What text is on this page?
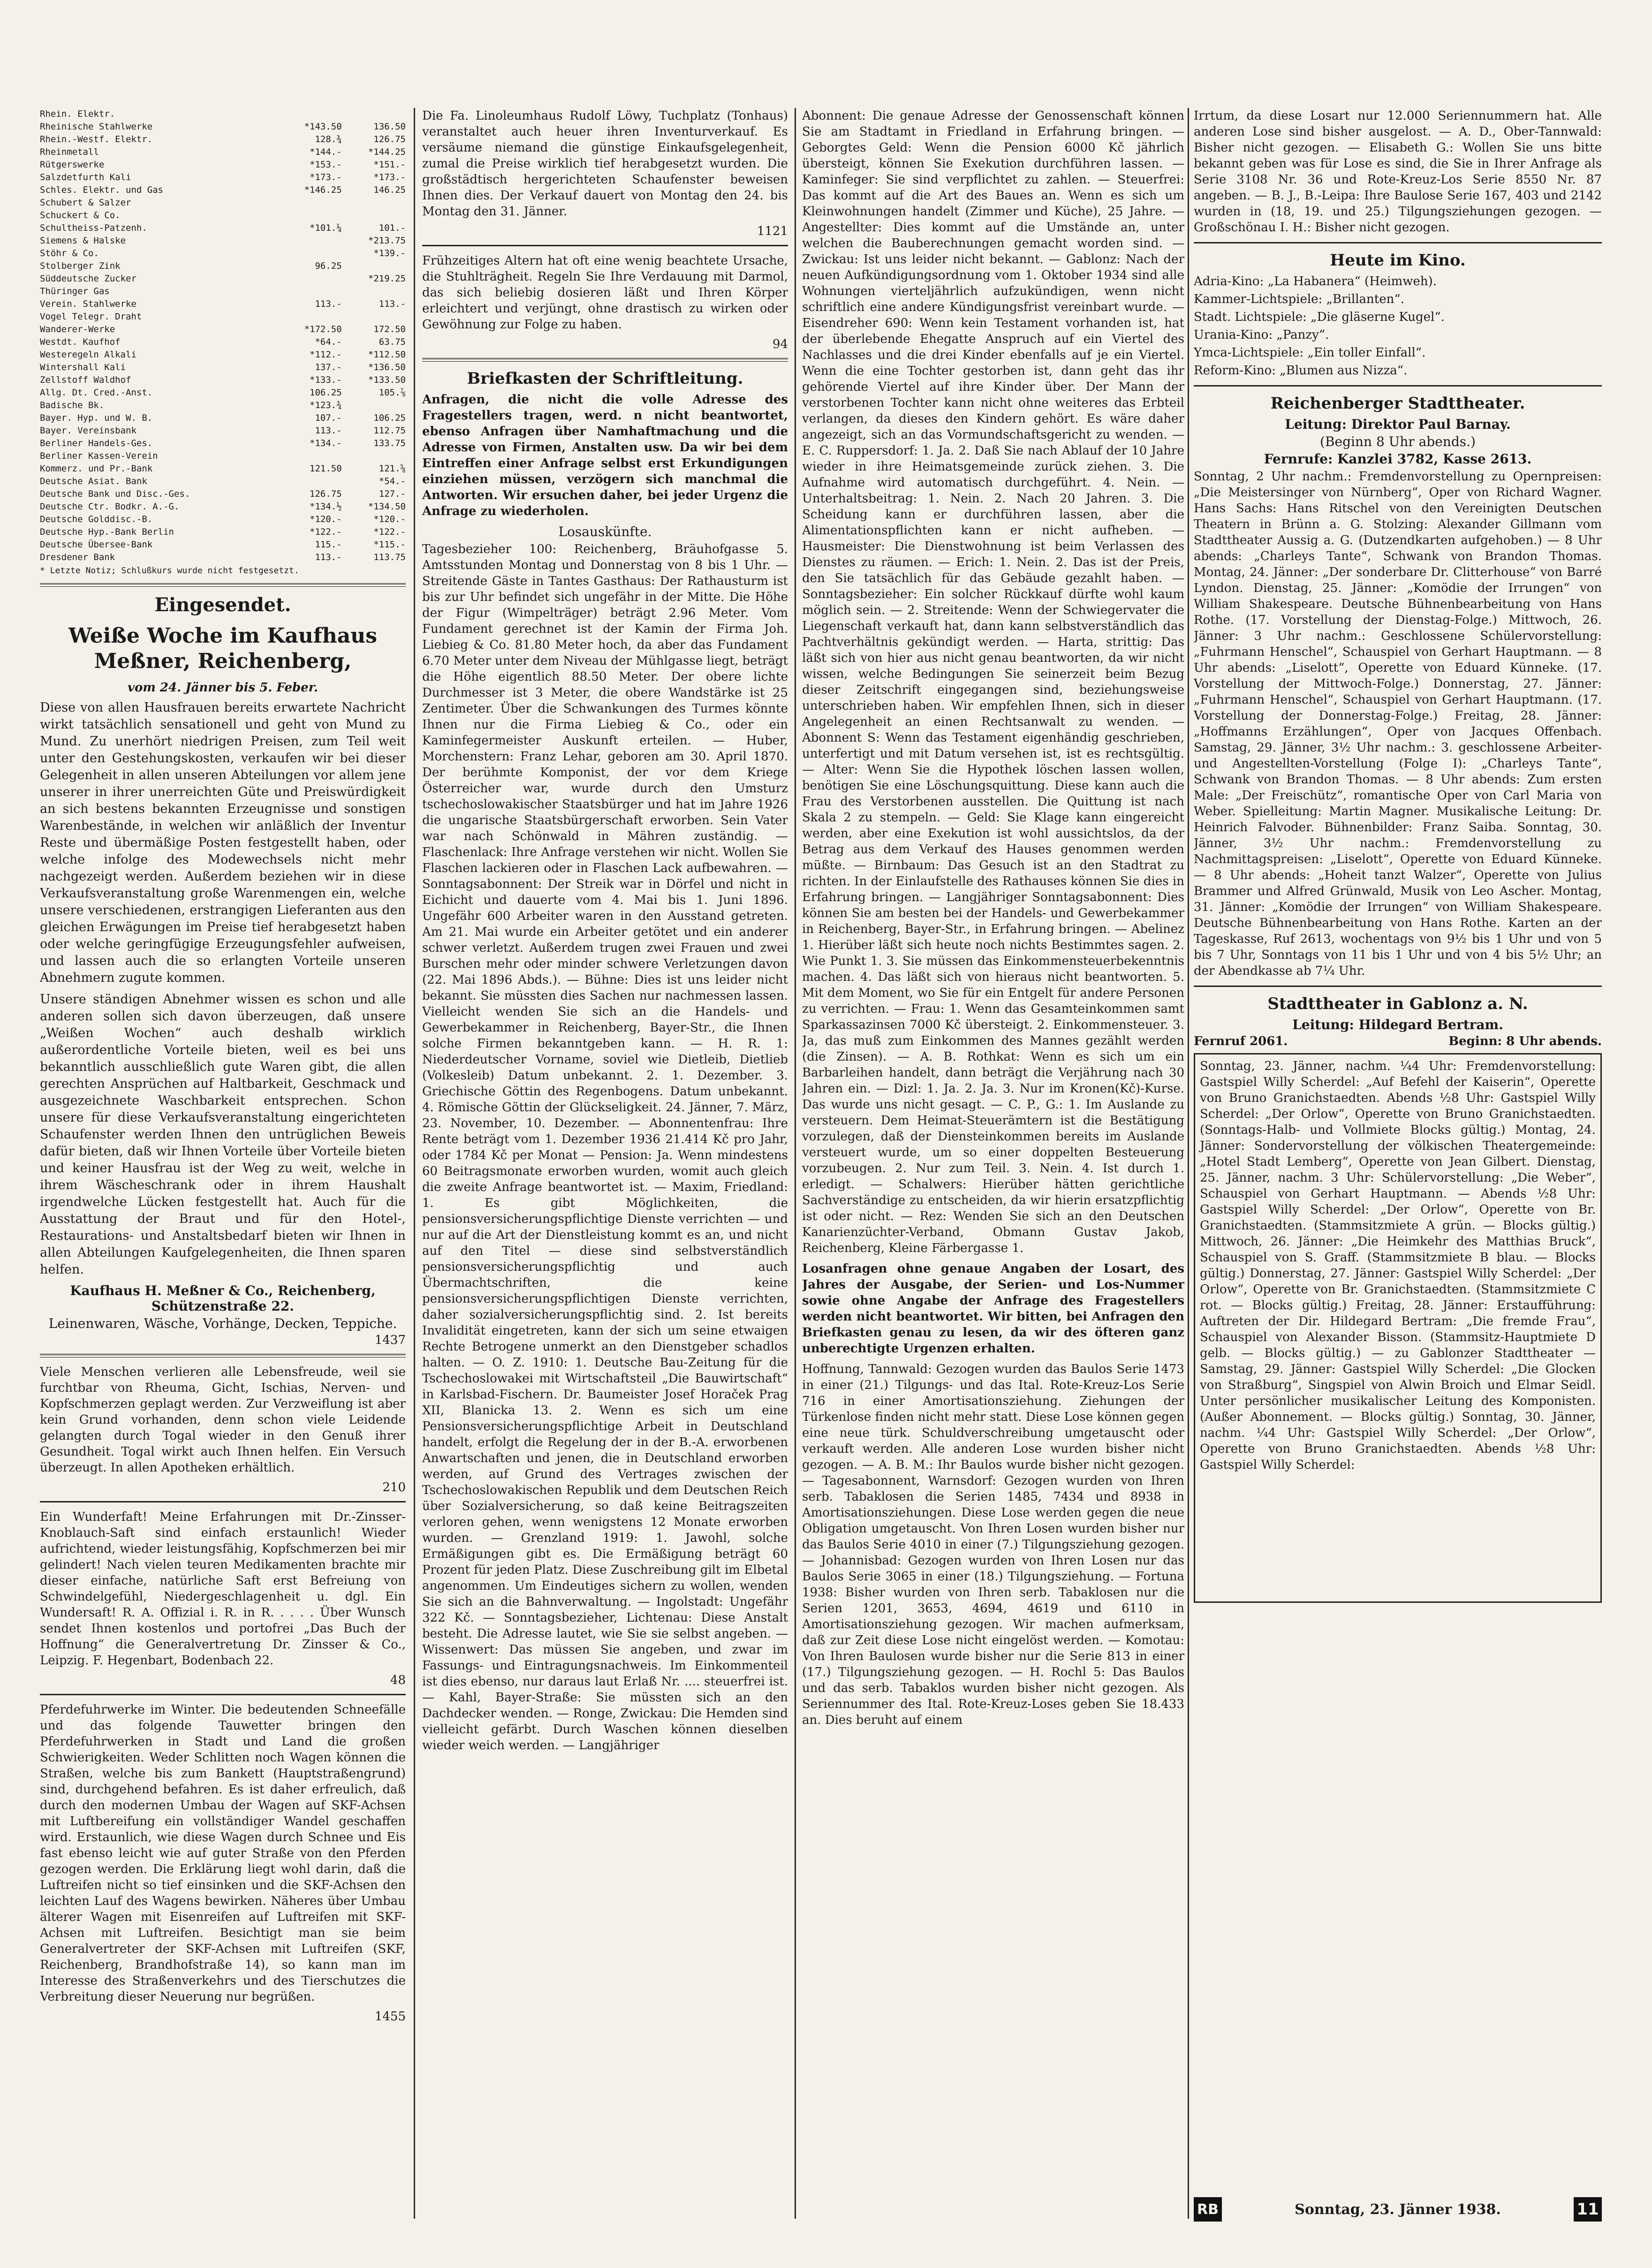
Rhein. Elektr.		
Rheinische Stahlwerke	*143.50	136.50
Rhein.-Westf. Elektr.	128.¾	126.75
Rheinmetall	*144.-	*144.25
Rütgerswerke	*153.-	*151.-
Salzdetfurth Kali	*173.-	*173.-
Schles. Elektr. und Gas	*146.25	146.25
Schubert & Salzer		
Schuckert & Co.		
Schultheiss-Patzenh.	*101.¼	101.-
Siemens & Halske		*213.75
Stöhr & Co.		*139.-
Stolberger Zink	96.25	
Süddeutsche Zucker		*219.25
Thüringer Gas		
Verein. Stahlwerke	113.-	113.-
Vogel Telegr. Draht		
Wanderer-Werke	*172.50	172.50
Westdt. Kaufhof	*64.-	63.75
Westeregeln Alkali	*112.-	*112.50
Wintershall Kali	137.-	*136.50
Zellstoff Waldhof	*133.-	*133.50
Allg. Dt. Cred.-Anst.	106.25	105.⅞
Badische Bk.	*123.¾	
Bayer. Hyp. und W. B.	107.-	106.25
Bayer. Vereinsbank	113.-	112.75
Berliner Handels-Ges.	*134.-	133.75
Berliner Kassen-Verein		
Kommerz. und Pr.-Bank	121.50	121.⅝
Deutsche Asiat. Bank		*54.-
Deutsche Bank und Disc.-Ges.	126.75	127.-
Deutsche Ctr. Bodkr. A.-G.	*134.½	*134.50
Deutsche Golddisc.-B.	*120.-	*120.-
Deutsche Hyp.-Bank Berlin	*122.-	*122.-
Deutsche Übersee-Bank	115.-	*115.-
Dresdener Bank	113.-	113.75
* Letzte Notiz; Schlußkurs wurde nicht festgesetzt.
Eingesendet.
Weiße Woche im Kaufhaus Meßner, Reichenberg,
vom 24. Jänner bis 5. Feber.

Diese von allen Hausfrauen bereits erwartete Nachricht wirkt tatsächlich sensationell und geht von Mund zu Mund. Zu unerhört niedrigen Preisen, zum Teil weit unter den Gestehungskosten, verkaufen wir bei dieser Gelegenheit in allen unseren Abteilungen vor allem jene unserer in ihrer unerreichten Güte und Preiswürdigkeit an sich bestens bekannten Erzeugnisse und sonstigen Warenbestände, in welchen wir anläßlich der Inventur Reste und übermäßige Posten festgestellt haben, oder welche infolge des Modewechsels nicht mehr nachgezeigt werden. Außerdem beziehen wir in diese Verkaufsveranstaltung große Warenmengen ein, welche unsere verschiedenen, erstrangigen Lieferanten aus den gleichen Erwägungen im Preise tief herabgesetzt haben oder welche geringfügige Erzeugungsfehler aufweisen, und lassen auch die so erlangten Vorteile unseren Abnehmern zugute kommen.

Unsere ständigen Abnehmer wissen es schon und alle anderen sollen sich davon überzeugen, daß unsere „Weißen Wochen“ auch deshalb wirklich außerordentliche Vorteile bieten, weil es bei uns bekanntlich ausschließlich gute Waren gibt, die allen gerechten Ansprüchen auf Haltbarkeit, Geschmack und ausgezeichnete Waschbarkeit entsprechen. Schon unsere für diese Verkaufsveranstaltung eingerichteten Schaufenster werden Ihnen den untrüglichen Beweis dafür bieten, daß wir Ihnen Vorteile über Vorteile bieten und keiner Hausfrau ist der Weg zu weit, welche in ihrem Wäscheschrank oder in ihrem Haushalt irgendwelche Lücken festgestellt hat. Auch für die Ausstattung der Braut und für den Hotel-, Restaurations- und Anstaltsbedarf bieten wir Ihnen in allen Abteilungen Kaufgelegenheiten, die Ihnen sparen helfen.

Kaufhaus H. Meßner & Co., Reichenberg, Schützenstraße 22.
Leinenwaren, Wäsche, Vorhänge, Decken, Teppiche.
1437

Viele Menschen verlieren alle Lebensfreude, weil sie furchtbar von Rheuma, Gicht, Ischias, Nerven- und Kopfschmerzen geplagt werden. Zur Verzweiflung ist aber kein Grund vorhanden, denn schon viele Leidende gelangten durch Togal wieder in den Genuß ihrer Gesundheit. Togal wirkt auch Ihnen helfen. Ein Versuch überzeugt. In allen Apotheken erhältlich.

210

Ein Wunderfaft! Meine Erfahrungen mit Dr.-Zinsser-Knoblauch-Saft sind einfach erstaunlich! Wieder aufrichtend, wieder leistungsfähig, Kopfschmerzen bei mir gelindert! Nach vielen teuren Medikamenten brachte mir dieser einfache, natürliche Saft erst Befreiung von Schwindelgefühl, Niedergeschlagenheit u. dgl. Ein Wundersaft! R. A. Offizial i. R. in R. . . . . Über Wunsch sendet Ihnen kostenlos und portofrei „Das Buch der Hoffnung“ die Generalvertretung Dr. Zinsser & Co., Leipzig. F. Hegenbart, Bodenbach 22.

48

Pferdefuhrwerke im Winter. Die bedeutenden Schneefälle und das folgende Tauwetter bringen den Pferdefuhrwerken in Stadt und Land die großen Schwierigkeiten. Weder Schlitten noch Wagen können die Straßen, welche bis zum Bankett (Hauptstraßengrund) sind, durchgehend befahren. Es ist daher erfreulich, daß durch den modernen Umbau der Wagen auf SKF-Achsen mit Luftbereifung ein vollständiger Wandel geschaffen wird. Erstaunlich, wie diese Wagen durch Schnee und Eis fast ebenso leicht wie auf guter Straße von den Pferden gezogen werden. Die Erklärung liegt wohl darin, daß die Luftreifen nicht so tief einsinken und die SKF-Achsen den leichten Lauf des Wagens bewirken. Näheres über Umbau älterer Wagen mit Eisenreifen auf Luftreifen mit SKF-Achsen mit Luftreifen. Besichtigt man sie beim Generalvertreter der SKF-Achsen mit Luftreifen (SKF, Reichenberg, Brandhofstraße 14), so kann man im Interesse des Straßenverkehrs und des Tierschutzes die Verbreitung dieser Neuerung nur begrüßen.

1455

Die Fa. Linoleumhaus Rudolf Löwy, Tuchplatz (Tonhaus) veranstaltet auch heuer ihren Inventurverkauf. Es versäume niemand die günstige Einkaufsgelegenheit, zumal die Preise wirklich tief herabgesetzt wurden. Die großstädtisch hergerichteten Schaufenster beweisen Ihnen dies. Der Verkauf dauert von Montag den 24. bis Montag den 31. Jänner.

1121

Frühzeitiges Altern hat oft eine wenig beachtete Ursache, die Stuhlträgheit. Regeln Sie Ihre Verdauung mit Darmol, das sich beliebig dosieren läßt und Ihren Körper erleichtert und verjüngt, ohne drastisch zu wirken oder Gewöhnung zur Folge zu haben.

94
Briefkasten der Schriftleitung.

Anfragen, die nicht die volle Adresse des Fragestellers tragen, werd. n nicht beantwortet, ebenso Anfragen über Namhaftmachung und die Adresse von Firmen, Anstalten usw. Da wir bei dem Eintreffen einer Anfrage selbst erst Erkundigungen einziehen müssen, verzögern sich manchmal die Antworten. Wir ersuchen daher, bei jeder Urgenz die Anfrage zu wiederholen.

Losauskünfte.

Tagesbezieher 100: Reichenberg, Bräuhofgasse 5. Amtsstunden Montag und Donnerstag von 8 bis 1 Uhr. — Streitende Gäste in Tantes Gasthaus: Der Rathausturm ist bis zur Uhr befindet sich ungefähr in der Mitte. Die Höhe der Figur (Wimpelträger) beträgt 2.96 Meter. Vom Fundament gerechnet ist der Kamin der Firma Joh. Liebieg & Co. 81.80 Meter hoch, da aber das Fundament 6.70 Meter unter dem Niveau der Mühlgasse liegt, beträgt die Höhe eigentlich 88.50 Meter. Der obere lichte Durchmesser ist 3 Meter, die obere Wandstärke ist 25 Zentimeter. Über die Schwankungen des Turmes könnte Ihnen nur die Firma Liebieg & Co., oder ein Kaminfegermeister Auskunft erteilen. — Huber, Morchenstern: Franz Lehar, geboren am 30. April 1870. Der berühmte Komponist, der vor dem Kriege Österreicher war, wurde durch den Umsturz tschechoslowakischer Staatsbürger und hat im Jahre 1926 die ungarische Staatsbürgerschaft erworben. Sein Vater war nach Schönwald in Mähren zuständig. — Flaschenlack: Ihre Anfrage verstehen wir nicht. Wollen Sie Flaschen lackieren oder in Flaschen Lack aufbewahren. — Sonntagsabonnent: Der Streik war in Dörfel und nicht in Eichicht und dauerte vom 4. Mai bis 1. Juni 1896. Ungefähr 600 Arbeiter waren in den Ausstand getreten. Am 21. Mai wurde ein Arbeiter getötet und ein anderer schwer verletzt. Außerdem trugen zwei Frauen und zwei Burschen mehr oder minder schwere Verletzungen davon (22. Mai 1896 Abds.). — Bühne: Dies ist uns leider nicht bekannt. Sie müssten dies Sachen nur nachmessen lassen. Vielleicht wenden Sie sich an die Handels- und Gewerbekammer in Reichenberg, Bayer-Str., die Ihnen solche Firmen bekanntgeben kann. — H. R. 1: Niederdeutscher Vorname, soviel wie Dietleib, Dietlieb (Volkesleib) Datum unbekannt. 2. 1. Dezember. 3. Griechische Göttin des Regenbogens. Datum unbekannt. 4. Römische Göttin der Glückseligkeit. 24. Jänner, 7. März, 23. November, 10. Dezember. — Abonnentenfrau: Ihre Rente beträgt vom 1. Dezember 1936 21.414 Kč pro Jahr, oder 1784 Kč per Monat — Pension: Ja. Wenn mindestens 60 Beitragsmonate erworben wurden, womit auch gleich die zweite Anfrage beantwortet ist. — Maxim, Friedland: 1. Es gibt Möglichkeiten, die pensionsversicherungspflichtige Dienste verrichten — und nur auf die Art der Dienstleistung kommt es an, und nicht auf den Titel — diese sind selbstverständlich pensionsversicherungspflichtig und auch Übermachtschriften, die keine pensionsversicherungspflichtigen Dienste verrichten, daher sozialversicherungspflichtig sind. 2. Ist bereits Invalidität eingetreten, kann der sich um seine etwaigen Rechte Betrogene unmerkt an den Dienstgeber schadlos halten. — O. Z. 1910: 1. Deutsche Bau-Zeitung für die Tschechoslowakei mit Wirtschaftsteil „Die Bauwirtschaft“ in Karlsbad-Fischern. Dr. Baumeister Josef Horaček Prag XII, Blanicka 13. 2. Wenn es sich um eine Pensionsversicherungspflichtige Arbeit in Deutschland handelt, erfolgt die Regelung der in der B.-A. erworbenen Anwartschaften und jenen, die in Deutschland erworben werden, auf Grund des Vertrages zwischen der Tschechoslowakischen Republik und dem Deutschen Reich über Sozialversicherung, so daß keine Beitragszeiten verloren gehen, wenn wenigstens 12 Monate erworben wurden. — Grenzland 1919: 1. Jawohl, solche Ermäßigungen gibt es. Die Ermäßigung beträgt 60 Prozent für jeden Platz. Diese Zuschreibung gilt im Elbetal angenommen. Um Eindeutiges sichern zu wollen, wenden Sie sich an die Bahnverwaltung. — Ingolstadt: Ungefähr 322 Kč. — Sonntagsbezieher, Lichtenau: Diese Anstalt besteht. Die Adresse lautet, wie Sie sie selbst angeben. — Wissenwert: Das müssen Sie angeben, und zwar im Fassungs- und Eintragungsnachweis. Im Einkommenteil ist dies ebenso, nur daraus laut Erlaß Nr. .... steuerfrei ist. — Kahl, Bayer-Straße: Sie müssten sich an den Dachdecker wenden. — Ronge, Zwickau: Die Hemden sind vielleicht gefärbt. Durch Waschen können dieselben wieder weich werden. — Langjähriger

Abonnent: Die genaue Adresse der Genossenschaft können Sie am Stadtamt in Friedland in Erfahrung bringen. — Geborgtes Geld: Wenn die Pension 6000 Kč jährlich übersteigt, können Sie Exekution durchführen lassen. — Kaminfeger: Sie sind verpflichtet zu zahlen. — Steuerfrei: Das kommt auf die Art des Baues an. Wenn es sich um Kleinwohnungen handelt (Zimmer und Küche), 25 Jahre. — Angestellter: Dies kommt auf die Umstände an, unter welchen die Bauberechnungen gemacht worden sind. — Zwickau: Ist uns leider nicht bekannt. — Gablonz: Nach der neuen Aufkündigungsordnung vom 1. Oktober 1934 sind alle Wohnungen vierteljährlich aufzukündigen, wenn nicht schriftlich eine andere Kündigungsfrist vereinbart wurde. — Eisendreher 690: Wenn kein Testament vorhanden ist, hat der überlebende Ehegatte Anspruch auf ein Viertel des Nachlasses und die drei Kinder ebenfalls auf je ein Viertel. Wenn die eine Tochter gestorben ist, dann geht das ihr gehörende Viertel auf ihre Kinder über. Der Mann der verstorbenen Tochter kann nicht ohne weiteres das Erbteil verlangen, da dieses den Kindern gehört. Es wäre daher angezeigt, sich an das Vormundschaftsgericht zu wenden. — E. C. Ruppersdorf: 1. Ja. 2. Daß Sie nach Ablauf der 10 Jahre wieder in ihre Heimatsgemeinde zurück ziehen. 3. Die Aufnahme wird automatisch durchgeführt. 4. Nein. — Unterhaltsbeitrag: 1. Nein. 2. Nach 20 Jahren. 3. Die Scheidung kann er durchführen lassen, aber die Alimentationspflichten kann er nicht aufheben. — Hausmeister: Die Dienstwohnung ist beim Verlassen des Dienstes zu räumen. — Erich: 1. Nein. 2. Das ist der Preis, den Sie tatsächlich für das Gebäude gezahlt haben. — Sonntagsbezieher: Ein solcher Rückkauf dürfte wohl kaum möglich sein. — 2. Streitende: Wenn der Schwiegervater die Liegenschaft verkauft hat, dann kann selbstverständlich das Pachtverhältnis gekündigt werden. — Harta, strittig: Das läßt sich von hier aus nicht genau beantworten, da wir nicht wissen, welche Bedingungen Sie seinerzeit beim Bezug dieser Zeitschrift eingegangen sind, beziehungsweise unterschrieben haben. Wir empfehlen Ihnen, sich in dieser Angelegenheit an einen Rechtsanwalt zu wenden. — Abonnent S: Wenn das Testament eigenhändig geschrieben, unterfertigt und mit Datum versehen ist, ist es rechtsgültig. — Alter: Wenn Sie die Hypothek löschen lassen wollen, benötigen Sie eine Löschungsquittung. Diese kann auch die Frau des Verstorbenen ausstellen. Die Quittung ist nach Skala 2 zu stempeln. — Geld: Sie Klage kann eingereicht werden, aber eine Exekution ist wohl aussichtslos, da der Betrag aus dem Verkauf des Hauses genommen werden müßte. — Birnbaum: Das Gesuch ist an den Stadtrat zu richten. In der Einlaufstelle des Rathauses können Sie dies in Erfahrung bringen. — Langjähriger Sonntagsabonnent: Dies können Sie am besten bei der Handels- und Gewerbekammer in Reichenberg, Bayer-Str., in Erfahrung bringen. — Abelinez 1. Hierüber läßt sich heute noch nichts Bestimmtes sagen. 2. Wie Punkt 1. 3. Sie müssen das Einkommensteuerbekenntnis machen. 4. Das läßt sich von hieraus nicht beantworten. 5. Mit dem Moment, wo Sie für ein Entgelt für andere Personen zu verrichten. — Frau: 1. Wenn das Gesamteinkommen samt Sparkassazinsen 7000 Kč übersteigt. 2. Einkommensteuer. 3. Ja, das muß zum Einkommen des Mannes gezählt werden (die Zinsen). — A. B. Rothkat: Wenn es sich um ein Barbarleihen handelt, dann beträgt die Verjährung nach 30 Jahren ein. — Dizl: 1. Ja. 2. Ja. 3. Nur im Kronen(Kč)-Kurse. Das wurde uns nicht gesagt. — C. P., G.: 1. Im Auslande zu versteuern. Dem Heimat-Steuerämtern ist die Bestätigung vorzulegen, daß der Diensteinkommen bereits im Auslande versteuert wurde, um so einer doppelten Besteuerung vorzubeugen. 2. Nur zum Teil. 3. Nein. 4. Ist durch 1. erledigt. — Schalwers: Hierüber hätten gerichtliche Sachverständige zu entscheiden, da wir hierin ersatzpflichtig ist oder nicht. — Rez: Wenden Sie sich an den Deutschen Kanarienzüchter-Verband, Obmann Gustav Jakob, Reichenberg, Kleine Färbergasse 1.

Losanfragen ohne genaue Angaben der Losart, des Jahres der Ausgabe, der Serien- und Los-Nummer sowie ohne Angabe der Anfrage des Fragestellers werden nicht beantwortet. Wir bitten, bei Anfragen den Briefkasten genau zu lesen, da wir des öfteren ganz unberechtigte Urgenzen erhalten.

Hoffnung, Tannwald: Gezogen wurden das Baulos Serie 1473 in einer (21.) Tilgungs- und das Ital. Rote-Kreuz-Los Serie 716 in einer Amortisationsziehung. Ziehungen der Türkenlose finden nicht mehr statt. Diese Lose können gegen eine neue türk. Schuldverschreibung umgetauscht oder verkauft werden. Alle anderen Lose wurden bisher nicht gezogen. — A. B. M.: Ihr Baulos wurde bisher nicht gezogen. — Tagesabonnent, Warnsdorf: Gezogen wurden von Ihren serb. Tabaklosen die Serien 1485, 7434 und 8938 in Amortisationsziehungen. Diese Lose werden gegen die neue Obligation umgetauscht. Von Ihren Losen wurden bisher nur das Baulos Serie 4010 in einer (7.) Tilgungsziehung gezogen. — Johannisbad: Gezogen wurden von Ihren Losen nur das Baulos Serie 3065 in einer (18.) Tilgungsziehung. — Fortuna 1938: Bisher wurden von Ihren serb. Tabaklosen nur die Serien 1201, 3653, 4694, 4619 und 6110 in Amortisationsziehung gezogen. Wir machen aufmerksam, daß zur Zeit diese Lose nicht eingelöst werden. — Komotau: Von Ihren Baulosen wurde bisher nur die Serie 813 in einer (17.) Tilgungsziehung gezogen. — H. Rochl 5: Das Baulos und das serb. Tabaklos wurden bisher nicht gezogen. Als Seriennummer des Ital. Rote-Kreuz-Loses geben Sie 18.433 an. Dies beruht auf einem

Irrtum, da diese Losart nur 12.000 Seriennummern hat. Alle anderen Lose sind bisher ausgelost. — A. D., Ober-Tannwald: Bisher nicht gezogen. — Elisabeth G.: Wollen Sie uns bitte bekannt geben was für Lose es sind, die Sie in Ihrer Anfrage als Serie 3108 Nr. 36 und Rote-Kreuz-Los Serie 8550 Nr. 87 angeben. — B. J., B.-Leipa: Ihre Baulose Serie 167, 403 und 2142 wurden in (18, 19. und 25.) Tilgungsziehungen gezogen. — Großschönau I. H.: Bisher nicht gezogen.

Heute im Kino.

Adria-Kino: „La Habanera“ (Heimweh).

Kammer-Lichtspiele: „Brillanten“.

Stadt. Lichtspiele: „Die gläserne Kugel“.

Urania-Kino: „Panzy“.

Ymca-Lichtspiele: „Ein toller Einfall“.

Reform-Kino: „Blumen aus Nizza“.

Reichenberger Stadttheater.
Leitung: Direktor Paul Barnay.
(Beginn 8 Uhr abends.)
Fernrufe: Kanzlei 3782, Kasse 2613.

Sonntag, 2 Uhr nachm.: Fremdenvorstellung zu Opernpreisen: „Die Meistersinger von Nürnberg“, Oper von Richard Wagner. Hans Sachs: Hans Ritschel von den Vereinigten Deutschen Theatern in Brünn a. G. Stolzing: Alexander Gillmann vom Stadttheater Aussig a. G. (Dutzendkarten aufgehoben.) — 8 Uhr abends: „Charleys Tante“, Schwank von Brandon Thomas. Montag, 24. Jänner: „Der sonderbare Dr. Clitterhouse“ von Barré Lyndon. Dienstag, 25. Jänner: „Komödie der Irrungen“ von William Shakespeare. Deutsche Bühnenbearbeitung von Hans Rothe. (17. Vorstellung der Dienstag-Folge.) Mittwoch, 26. Jänner: 3 Uhr nachm.: Geschlossene Schülervorstellung: „Fuhrmann Henschel“, Schauspiel von Gerhart Hauptmann. — 8 Uhr abends: „Liselott“, Operette von Eduard Künneke. (17. Vorstellung der Mittwoch-Folge.) Donnerstag, 27. Jänner: „Fuhrmann Henschel“, Schauspiel von Gerhart Hauptmann. (17. Vorstellung der Donnerstag-Folge.) Freitag, 28. Jänner: „Hoffmanns Erzählungen“, Oper von Jacques Offenbach. Samstag, 29. Jänner, 3½ Uhr nachm.: 3. geschlossene Arbeiter- und Angestellten-Vorstellung (Folge I): „Charleys Tante“, Schwank von Brandon Thomas. — 8 Uhr abends: Zum ersten Male: „Der Freischütz“, romantische Oper von Carl Maria von Weber. Spielleitung: Martin Magner. Musikalische Leitung: Dr. Heinrich Falvoder. Bühnenbilder: Franz Saiba. Sonntag, 30. Jänner, 3½ Uhr nachm.: Fremdenvorstellung zu Nachmittagspreisen: „Liselott“, Operette von Eduard Künneke. — 8 Uhr abends: „Hoheit tanzt Walzer“, Operette von Julius Brammer und Alfred Grünwald, Musik von Leo Ascher. Montag, 31. Jänner: „Komödie der Irrungen“ von William Shakespeare. Deutsche Bühnenbearbeitung von Hans Rothe. Karten an der Tageskasse, Ruf 2613, wochentags von 9½ bis 1 Uhr und von 5 bis 7 Uhr, Sonntags von 11 bis 1 Uhr und von 4 bis 5½ Uhr; an der Abendkasse ab 7¼ Uhr.

Stadttheater in Gablonz a. N.
Leitung: Hildegard Bertram.
Fernruf 2061.	Beginn: 8 Uhr abends.

Sonntag, 23. Jänner, nachm. ¼4 Uhr: Fremdenvorstellung: Gastspiel Willy Scherdel: „Auf Befehl der Kaiserin“, Operette von Bruno Granichstaedten. Abends ½8 Uhr: Gastspiel Willy Scherdel: „Der Orlow“, Operette von Bruno Granichstaedten. (Sonntags-Halb- und Vollmiete Blocks gültig.) Montag, 24. Jänner: Sondervorstellung der völkischen Theatergemeinde: „Hotel Stadt Lemberg“, Operette von Jean Gilbert. Dienstag, 25. Jänner, nachm. 3 Uhr: Schülervorstellung: „Die Weber“, Schauspiel von Gerhart Hauptmann. — Abends ½8 Uhr: Gastspiel Willy Scherdel: „Der Orlow“, Operette von Br. Granichstaedten. (Stammsitzmiete A grün. — Blocks gültig.) Mittwoch, 26. Jänner: „Die Heimkehr des Matthias Bruck“, Schauspiel von S. Graff. (Stammsitzmiete B blau. — Blocks gültig.) Donnerstag, 27. Jänner: Gastspiel Willy Scherdel: „Der Orlow“, Operette von Br. Granichstaedten. (Stammsitzmiete C rot. — Blocks gültig.) Freitag, 28. Jänner: Erstaufführung: Auftreten der Dir. Hildegard Bertram: „Die fremde Frau“, Schauspiel von Alexander Bisson. (Stammsitz-Hauptmiete D gelb. — Blocks gültig.) — zu Gablonzer Stadttheater — Samstag, 29. Jänner: Gastspiel Willy Scherdel: „Die Glocken von Straßburg“, Singspiel von Alwin Broich und Elmar Seidl. Unter persönlicher musikalischer Leitung des Komponisten. (Außer Abonnement. — Blocks gültig.) Sonntag, 30. Jänner, nachm. ¼4 Uhr: Gastspiel Willy Scherdel: „Der Orlow“, Operette von Bruno Granichstaedten. Abends ½8 Uhr: Gastspiel Willy Scherdel:

RB	Sonntag, 23. Jänner 1938.	11
